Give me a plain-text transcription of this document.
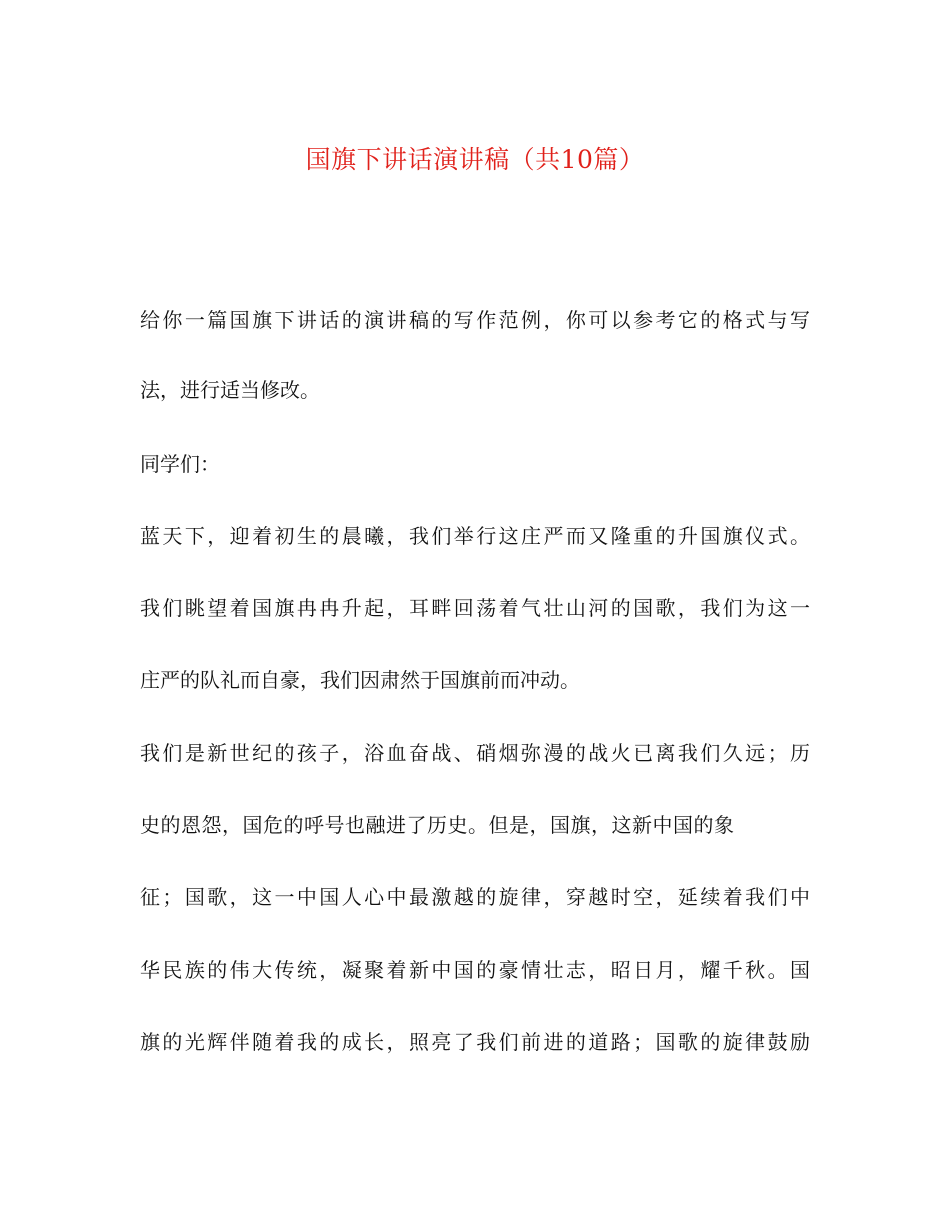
国旗下讲话演讲稿（共10篇）

给你一篇国旗下讲话的演讲稿的写作范例，你可以参考它的格式与写

法，进行适当修改。

同学们：

蓝天下，迎着初生的晨曦，我们举行这庄严而又隆重的升国旗仪式。

我们眺望着国旗冉冉升起，耳畔回荡着气壮山河的国歌，我们为这一

庄严的队礼而自豪，我们因肃然于国旗前而冲动。

我们是新世纪的孩子，浴血奋战、硝烟弥漫的战火已离我们久远；历

史的恩怨，国危的呼号也融进了历史。但是，国旗，这新中国的象

征；国歌，这一中国人心中最激越的旋律，穿越时空，延续着我们中

华民族的伟大传统，凝聚着新中国的豪情壮志，昭日月，耀千秋。国

旗的光辉伴随着我的成长，照亮了我们前进的道路；国歌的旋律鼓励
